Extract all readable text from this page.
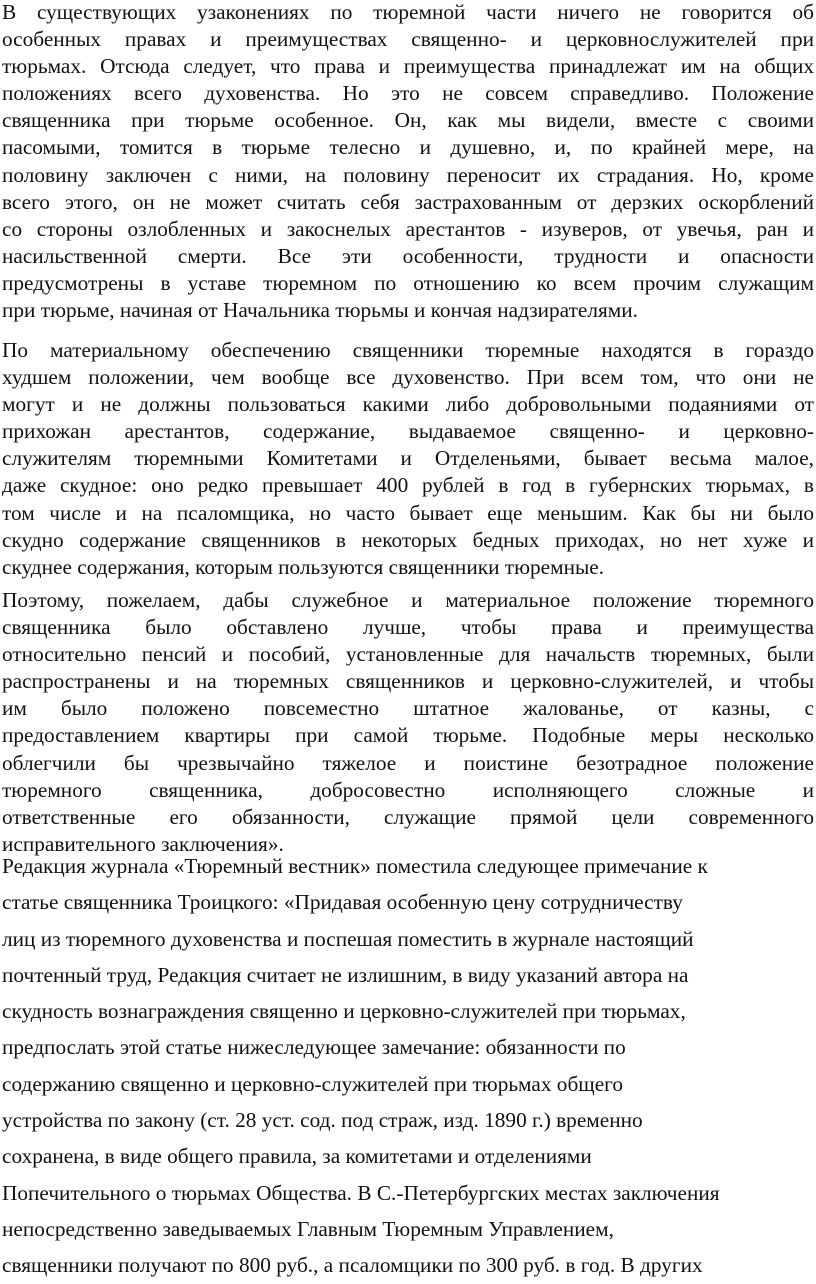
В существующих узаконениях по тюремной части ничего не говорится об
особенных правах и преимуществах священно- и церковнослужителей при
тюрьмах. Отсюда следует, что права и преимущества принадлежат им на общих
положениях всего духовенства. Но это не совсем справедливо. Положение
священника при тюрьме особенное. Он, как мы видели, вместе с своими
пасомыми, томится в тюрьме телесно и душевно, и, по крайней мере, на
половину заключен с ними, на половину переносит их страдания. Но, кроме
всего этого, он не может считать себя застрахованным от дерзких оскорблений
со стороны озлобленных и закоснелых арестантов - изуверов, от увечья, ран и
насильственной смерти. Все эти особенности, трудности и опасности
предусмотрены в уставе тюремном по отношению ко всем прочим служащим
при тюрьме, начиная от Начальника тюрьмы и кончая надзирателями.
По материальному обеспечению священники тюремные находятся в гораздо
худшем положении, чем вообще все духовенство. При всем том, что они не
могут и не должны пользоваться какими либо добровольными подаяниями от
прихожан арестантов, содержание, выдаваемое священно- и церковно-
служителям тюремными Комитетами и Отделеньями, бывает весьма малое,
даже скудное: оно редко превышает 400 рублей в год в губернских тюрьмах, в
том числе и на псаломщика, но часто бывает еще меньшим. Как бы ни было
скудно содержание священников в некоторых бедных приходах, но нет хуже и
скуднее содержания, которым пользуются священники тюремные.
Поэтому, пожелаем, дабы служебное и материальное положение тюремного
священника было обставлено лучше, чтобы права и преимущества
относительно пенсий и пособий, установленные для начальств тюремных, были
распространены и на тюремных священников и церковно-служителей, и чтобы
им было положено повсеместно штатное жалованье, от казны, с
предоставлением квартиры при самой тюрьме. Подобные меры несколько
облегчили бы чрезвычайно тяжелое и поистине безотрадное положение
тюремного священника, добросовестно исполняющего сложные и
ответственные его обязанности, служащие прямой цели современного
исправительного заключения».
Редакция журнала «Тюремный вестник» поместила следующее примечание к
статье священника Троицкого: «Придавая особенную цену сотрудничеству
лиц из тюремного духовенства и поспешая поместить в журнале настоящий
почтенный труд, Редакция считает не излишним, в виду указаний автора на
скудность вознаграждения священно и церковно-служителей при тюрьмах,
предпослать этой статье нижеследующее замечание: обязанности по
содержанию священно и церковно-служителей при тюрьмах общего
устройства по закону (ст. 28 уст. сод. под страж, изд. 1890 г.) временно
сохранена, в виде общего правила, за комитетами и отделениями
Попечительного о тюрьмах Общества. В С.-Петербургских местах заключения
непосредственно заведываемых Главным Тюремным Управлением,
священники получают по 800 руб., а псаломщики по 300 руб. в год. В других
